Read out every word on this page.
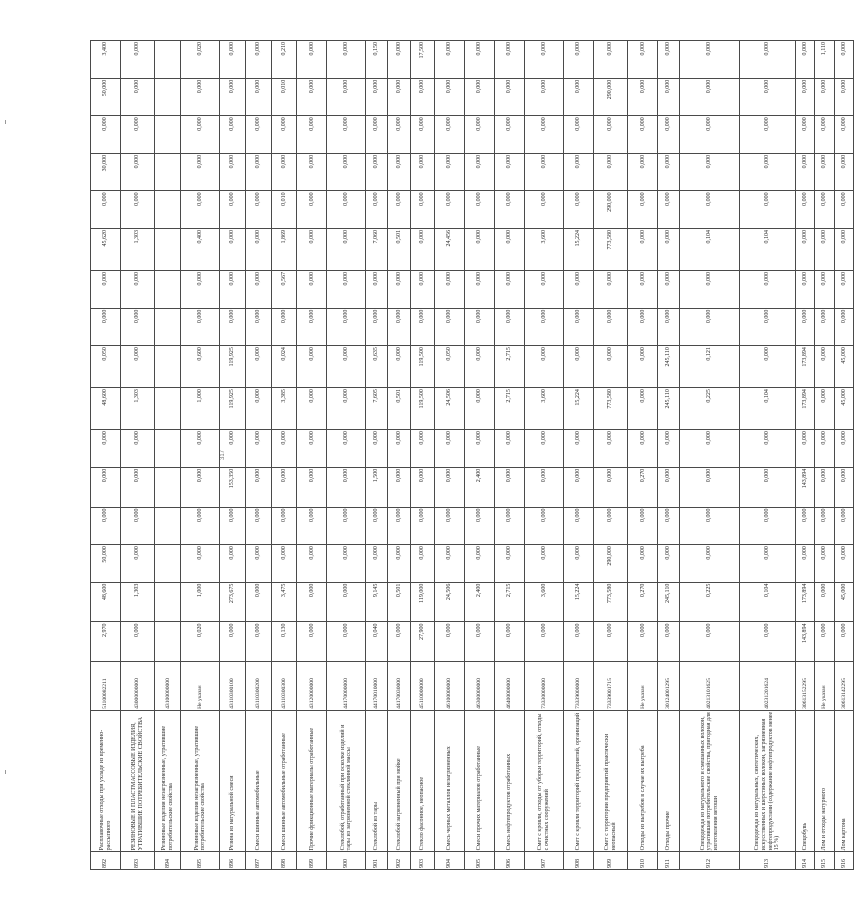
317
892	Расплавочные отходы при ухладе из временно-рассыпного	51100082211	2,970	48,600	50,000	0,000	0,000	0,000	48,600	0,050	0,000	0,000	45,620	0,000	30,000	0,000	50,000	3,400
893	РЕЗИНОВЫЕ И ПЛАСТМАССОВЫЕ ИЗДЕЛИЯ, УТРАТИВШИЕ ПОТРЕБИТЕЛЬСКИЕ СВОЙСТВА	43000000000	0,000	1,303	0,000	0,000	0,000	0,000	1,303	0,000	0,000	0,000	1,303	0,000	0,000	0,000	0,000	0,000
894	Резиновые изделия незагрязненные, утратившие потребительские свойства	43100000000																
895	Резиновые изделия незагрязненные, утратившие потребительские свойства	Не указан	0,020	1,000	0,000	0,000	0,000	0,000	1,000	0,600	0,000	0,000	0,400	0,000	0,000	0,000	0,000	0,020
896	Резина из натуральной смеси	43110300100	0,000	273,675	0,000	0,000	153,350	0,000	119,925	119,925	0,000	0,000	0,000	0,000	0,000	0,000	0,000	0,000
897	Смеси шинные автомобильные	43110300200	0,000	0,000	0,000	0,000	0,000	0,000	0,000	0,000	0,000	0,000	0,000	0,000	0,000	0,000	0,000	0,000
898	Смеси шинные автомобильные отработанные	43110300300	0,130	3,475	0,000	0,000	0,000	0,000	3,385	0,024	0,000	0,567	1,869	0,010	0,000	0,000	0,010	0,210
899	Прочие фрикционные материалы отработанные	43120000000	0,000	0,000	0,000	0,000	0,000	0,000	0,000	0,000	0,000	0,000	0,000	0,000	0,000	0,000	0,000	0,000
900	Стеклобой, отработанный при осколке изделий и тары из загрязненной стеклянной массы	44170000000	0,000	0,000	0,000	0,000	0,000	0,000	0,000	0,000	0,000	0,000	0,000	0,000	0,000	0,000	0,000	0,000
901	Стеклобой из тары	44170010000	0,040	9,145	0,000	0,000	1,500	0,000	7,605	0,635	0,000	0,000	7,060	0,000	0,000	0,000	0,000	0,150
902	Стеклобой загрязненный при мойке	44170030000	0,000	0,501	0,000	0,000	0,000	0,000	0,501	0,000	0,000	0,000	0,501	0,000	0,000	0,000	0,000	0,000
903	Стекло фасонное, неопасное	45110000000	27,900	119,000	0,000	0,000	0,000	0,000	119,500	119,500	0,000	0,000	0,000	0,000	0,000	0,000	0,000	17,500
904	Смесь черных металлов незагрязненных	46100000000	0,000	24,506	0,000	0,000	0,000	0,000	24,506	0,050	0,000	0,000	24,456	0,000	0,000	0,000	0,000	0,000
905	Смеси прочих материалов отработанные	46300000000	0,000	2,400	0,000	0,000	2,400	0,000	0,000	0,000	0,000	0,000	0,000	0,000	0,000	0,000	0,000	0,000
906	Смесь нефтепродуктов отработанных	46400000000	0,000	2,715	0,000	0,000	0,000	0,000	2,715	2,715	0,000	0,000	0,000	0,000	0,000	0,000	0,000	0,000
907	Смет с кровли, отходы от уборки территорий, отходы с очистных сооружений	73330000000	0,000	3,600	0,000	0,000	0,000	0,000	3,600	0,000	0,000	0,000	3,600	0,000	0,000	0,000	0,000	0,000
908	Смет с кровли территорий предприятий, организаций	73339000000	0,000	15,224	0,000	0,000	0,000	0,000	15,224	0,000	0,000	0,000	15,224	0,000	0,000	0,000	0,000	0,000
909	Смет с территории предприятий практически неопасный	73339001715	0,000	773,580	290,000	0,000	0,000	0,000	773,580	0,000	0,000	0,000	773,580	290,000	0,000	0,000	290,000	0,000
910	Отходы из выгребов в случае их выгреба	Не указан	0,000	0,270	0,000	0,000	0,270	0,000	0,000	0,000	0,000	0,000	0,000	0,000	0,000	0,000	0,000	0,000
911	Отходы прочие	30124001295	0,000	245,110	0,000	0,000	0,000	0,000	245,110	245,110	0,000	0,000	0,000	0,000	0,000	0,000	0,000	0,000
912	Спецодежда из натурального и смешанных волокон, утратившая потребительские свойства, пригодная для изготовления ветоши	40213101625	0,000	0,225	0,000	0,000	0,000	0,000	0,225	0,121	0,000	0,000	0,104	0,000	0,000	0,000	0,000	0,000
913	Спецодежда из натуральных, синтетических, искусственных и шерстяных волокон, загрязненная нефтепродуктами (содержание нефтепродуктов менее 15 %)	40231201624	0,000	0,104	0,000	0,000	0,000	0,000	0,104	0,000	0,000	0,000	0,104	0,000	0,000	0,000	0,000	0,000
914	Спецобувь	30613152295	143,894	173,894	0,000	0,000	143,894	0,000	173,894	173,894	0,000	0,000	0,000	0,000	0,000	0,000	0,000	0,000
915	Лом и отходы натурного	Не указан	0,000	0,000	0,000	0,000	0,000	0,000	0,000	0,000	0,000	0,000	0,000	0,000	0,000	0,000	0,000	1,110
916	Лом картона	30613142295	0,000	45,000	0,000	0,000	0,000	0,000	45,000	45,000	0,000	0,000	0,000	0,000	0,000	0,000	0,000	0,000
